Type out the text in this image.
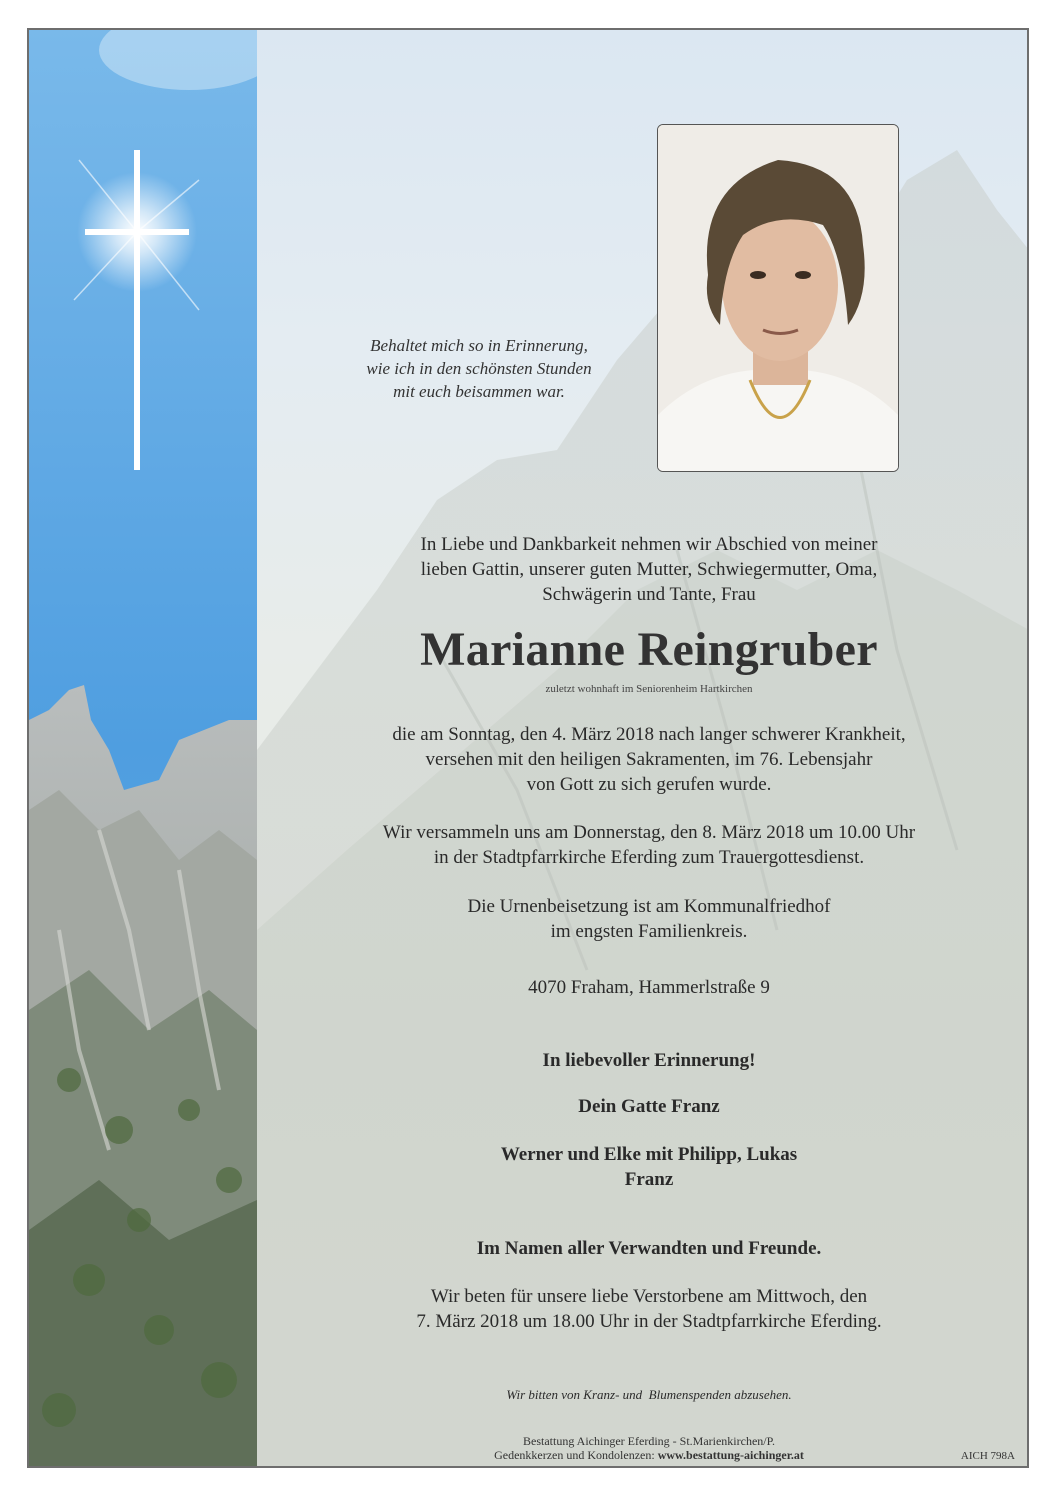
Behaltet mich so in Erinnerung,
wie ich in den schönsten Stunden
mit euch beisammen war.
In Liebe und Dankbarkeit nehmen wir Abschied von meiner
lieben Gattin, unserer guten Mutter, Schwiegermutter, Oma,
Schwägerin und Tante, Frau
Marianne Reingruber
zuletzt wohnhaft im Seniorenheim Hartkirchen
die am Sonntag, den 4. März 2018 nach langer schwerer Krankheit,
versehen mit den heiligen Sakramenten, im 76. Lebensjahr
von Gott zu sich gerufen wurde.
Wir versammeln uns am Donnerstag, den 8. März 2018 um 10.00 Uhr
in der Stadtpfarrkirche Eferding zum Trauergottesdienst.
Die Urnenbeisetzung ist am Kommunalfriedhof
im engsten Familienkreis.
4070 Fraham, Hammerlstraße 9
In liebevoller Erinnerung!
Dein Gatte Franz
Werner und Elke mit Philipp, Lukas
Franz
Im Namen aller Verwandten und Freunde.
Wir beten für unsere liebe Verstorbene am Mittwoch, den
7. März 2018 um 18.00 Uhr in der Stadtpfarrkirche Eferding.
Wir bitten von Kranz- und  Blumenspenden abzusehen.
Bestattung Aichinger Eferding - St.Marienkirchen/P.
Gedenkkerzen und Kondolenzen: www.bestattung-aichinger.at	AICH 798A
